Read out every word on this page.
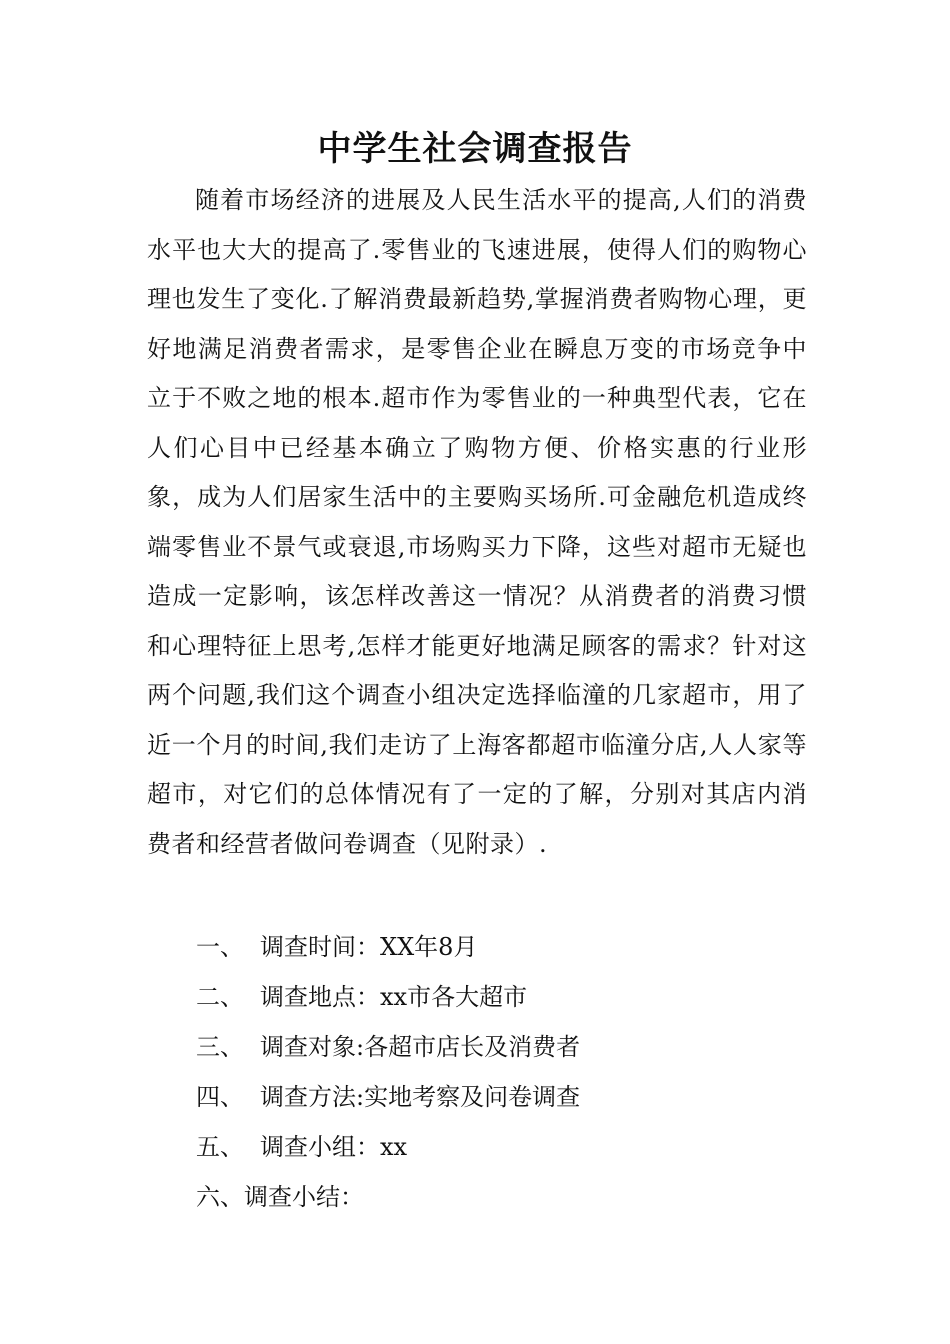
中学生社会调查报告

随着市场经济的进展及人民生活水平的提高,人们的消费水平也大大的提高了.零售业的飞速进展，使得人们的购物心理也发生了变化.了解消费最新趋势,掌握消费者购物心理，更好地满足消费者需求，是零售企业在瞬息万变的市场竞争中立于不败之地的根本.超市作为零售业的一种典型代表，它在人们心目中已经基本确立了购物方便、价格实惠的行业形象，成为人们居家生活中的主要购买场所.可金融危机造成终端零售业不景气或衰退,市场购买力下降，这些对超市无疑也造成一定影响，该怎样改善这一情况？从消费者的消费习惯和心理特征上思考,怎样才能更好地满足顾客的需求？针对这两个问题,我们这个调查小组决定选择临潼的几家超市，用了近一个月的时间,我们走访了上海客都超市临潼分店,人人家等超市，对它们的总体情况有了一定的了解，分别对其店内消费者和经营者做问卷调查（见附录）.

一、 调查时间：XX年8月
二、 调查地点：xx市各大超市
三、 调查对象:各超市店长及消费者
四、 调查方法:实地考察及问卷调查
五、 调查小组：xx
六、调查小结：
